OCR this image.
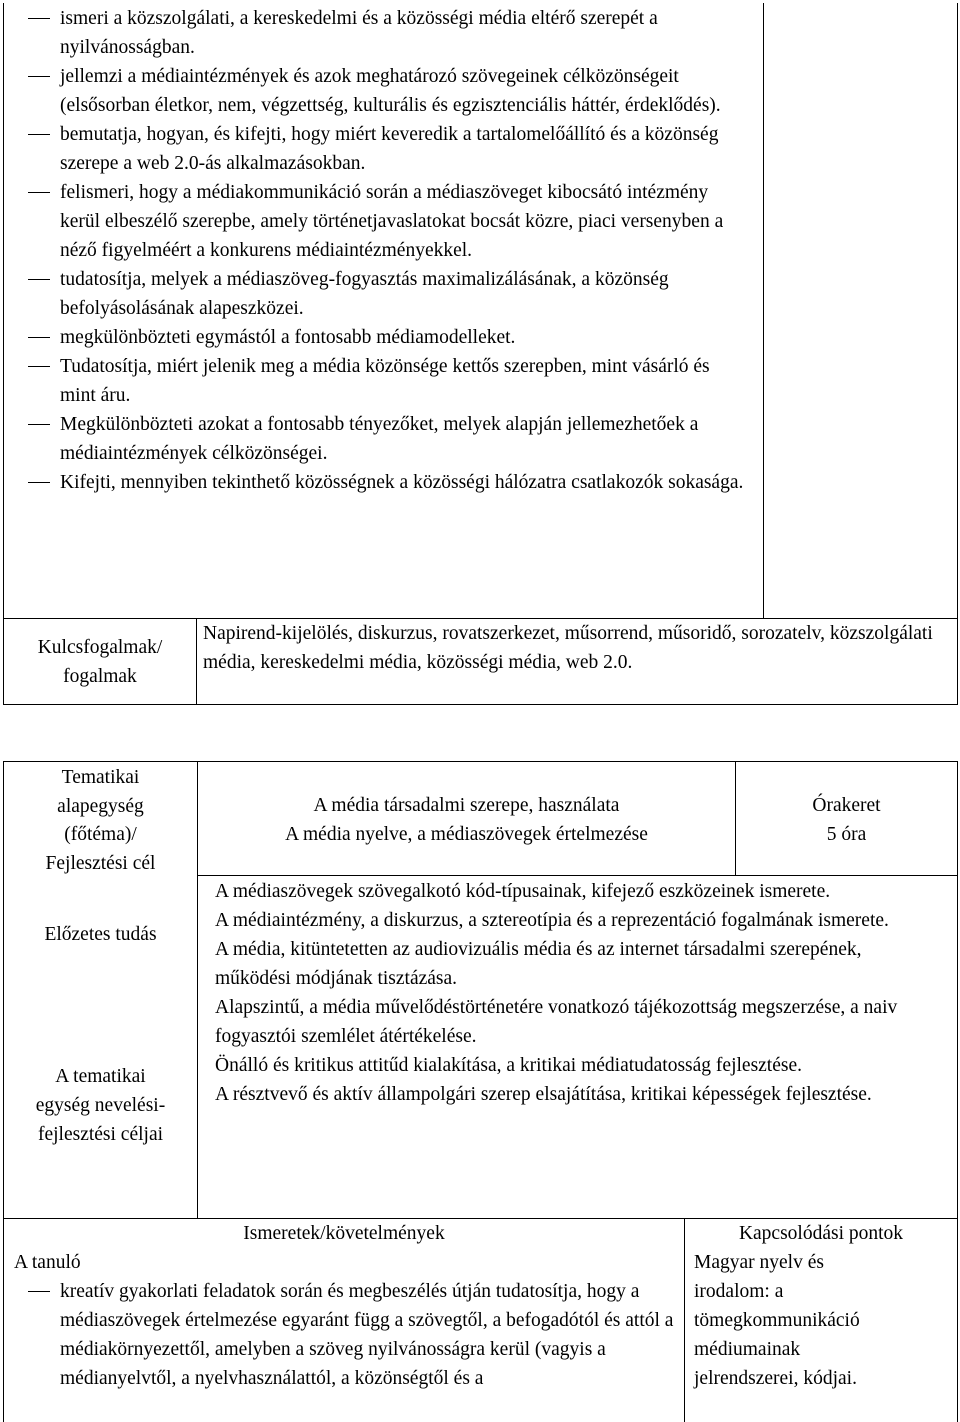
ismeri a közszolgálati, a kereskedelmi és a közösségi média eltérő szerepét a nyilvánosságban.
jellemzi a médiaintézmények és azok meghatározó szövegeinek célközönségeit (elsősorban életkor, nem, végzettség, kulturális és egzisztenciális háttér, érdeklődés).
bemutatja, hogyan, és kifejti, hogy miért keveredik a tartalomelőállító és a közönség szerepe a web 2.0-ás alkalmazásokban.
felismeri, hogy a médiakommunikáció során a médiaszöveget kibocsátó intézmény kerül elbeszélő szerepbe, amely történetjavaslatokat bocsát közre, piaci versenyben a néző figyelméért a konkurens médiaintézményekkel.
tudatosítja, melyek a médiaszöveg-fogyasztás maximalizálásának, a közönség befolyásolásának alapeszközei.
megkülönbözteti egymástól a fontosabb médiamodelleket.
Tudatosítja, miért jelenik meg a média közönsége kettős szerepben, mint vásárló és mint áru.
Megkülönbözteti azokat a fontosabb tényezőket, melyek alapján jellemezhetőek a médiaintézmények célközönségei.
Kifejti, mennyiben tekinthető közösségnek a közösségi hálózatra csatlakozók sokasága.
Kulcsfogalmak/
fogalmak
Napirend-kijelölés, diskurzus, rovatszerkezet, műsorrend, műsoridő, sorozatelv, közszolgálati média, kereskedelmi média, közösségi média, web 2.0.
Tematikai
alapegység
(főtéma)/
Fejlesztési cél
A média társadalmi szerepe, használata
A média nyelve, a médiaszövegek értelmezése
Órakeret
5 óra
Előzetes tudás
A tematikai
egység nevelési-
fejlesztési céljai

A médiaszövegek szövegalkotó kód-típusainak, kifejező eszközeinek ismerete.

A médiaintézmény, a diskurzus, a sztereotípia és a reprezentáció fogalmának ismerete.

A média, kitüntetetten az audiovizuális média és az internet társadalmi szerepének, működési módjának tisztázása.

Alapszintű, a média művelődéstörténetére vonatkozó tájékozottság megszerzése, a naiv fogyasztói szemlélet átértékelése.

Önálló és kritikus attitűd kialakítása, a kritikai médiatudatosság fejlesztése.

A résztvevő és aktív állampolgári szerep elsajátítása, kritikai képességek fejlesztése.

Ismeretek/követelmények	Kapcsolódási pontok
A tanuló
kreatív gyakorlati feladatok során és megbeszélés útján tudatosítja, hogy a médiaszövegek értelmezése egyaránt függ a szövegtől, a befogadótól és attól a médiakörnyezettől, amelyben a szöveg nyilvánosságra kerül (vagyis a médianyelvtől, a nyelvhasználattól, a közönségtől és a
Magyar nyelv és irodalom: a tömegkommunikáció médiumainak jelrendszerei, kódjai.
